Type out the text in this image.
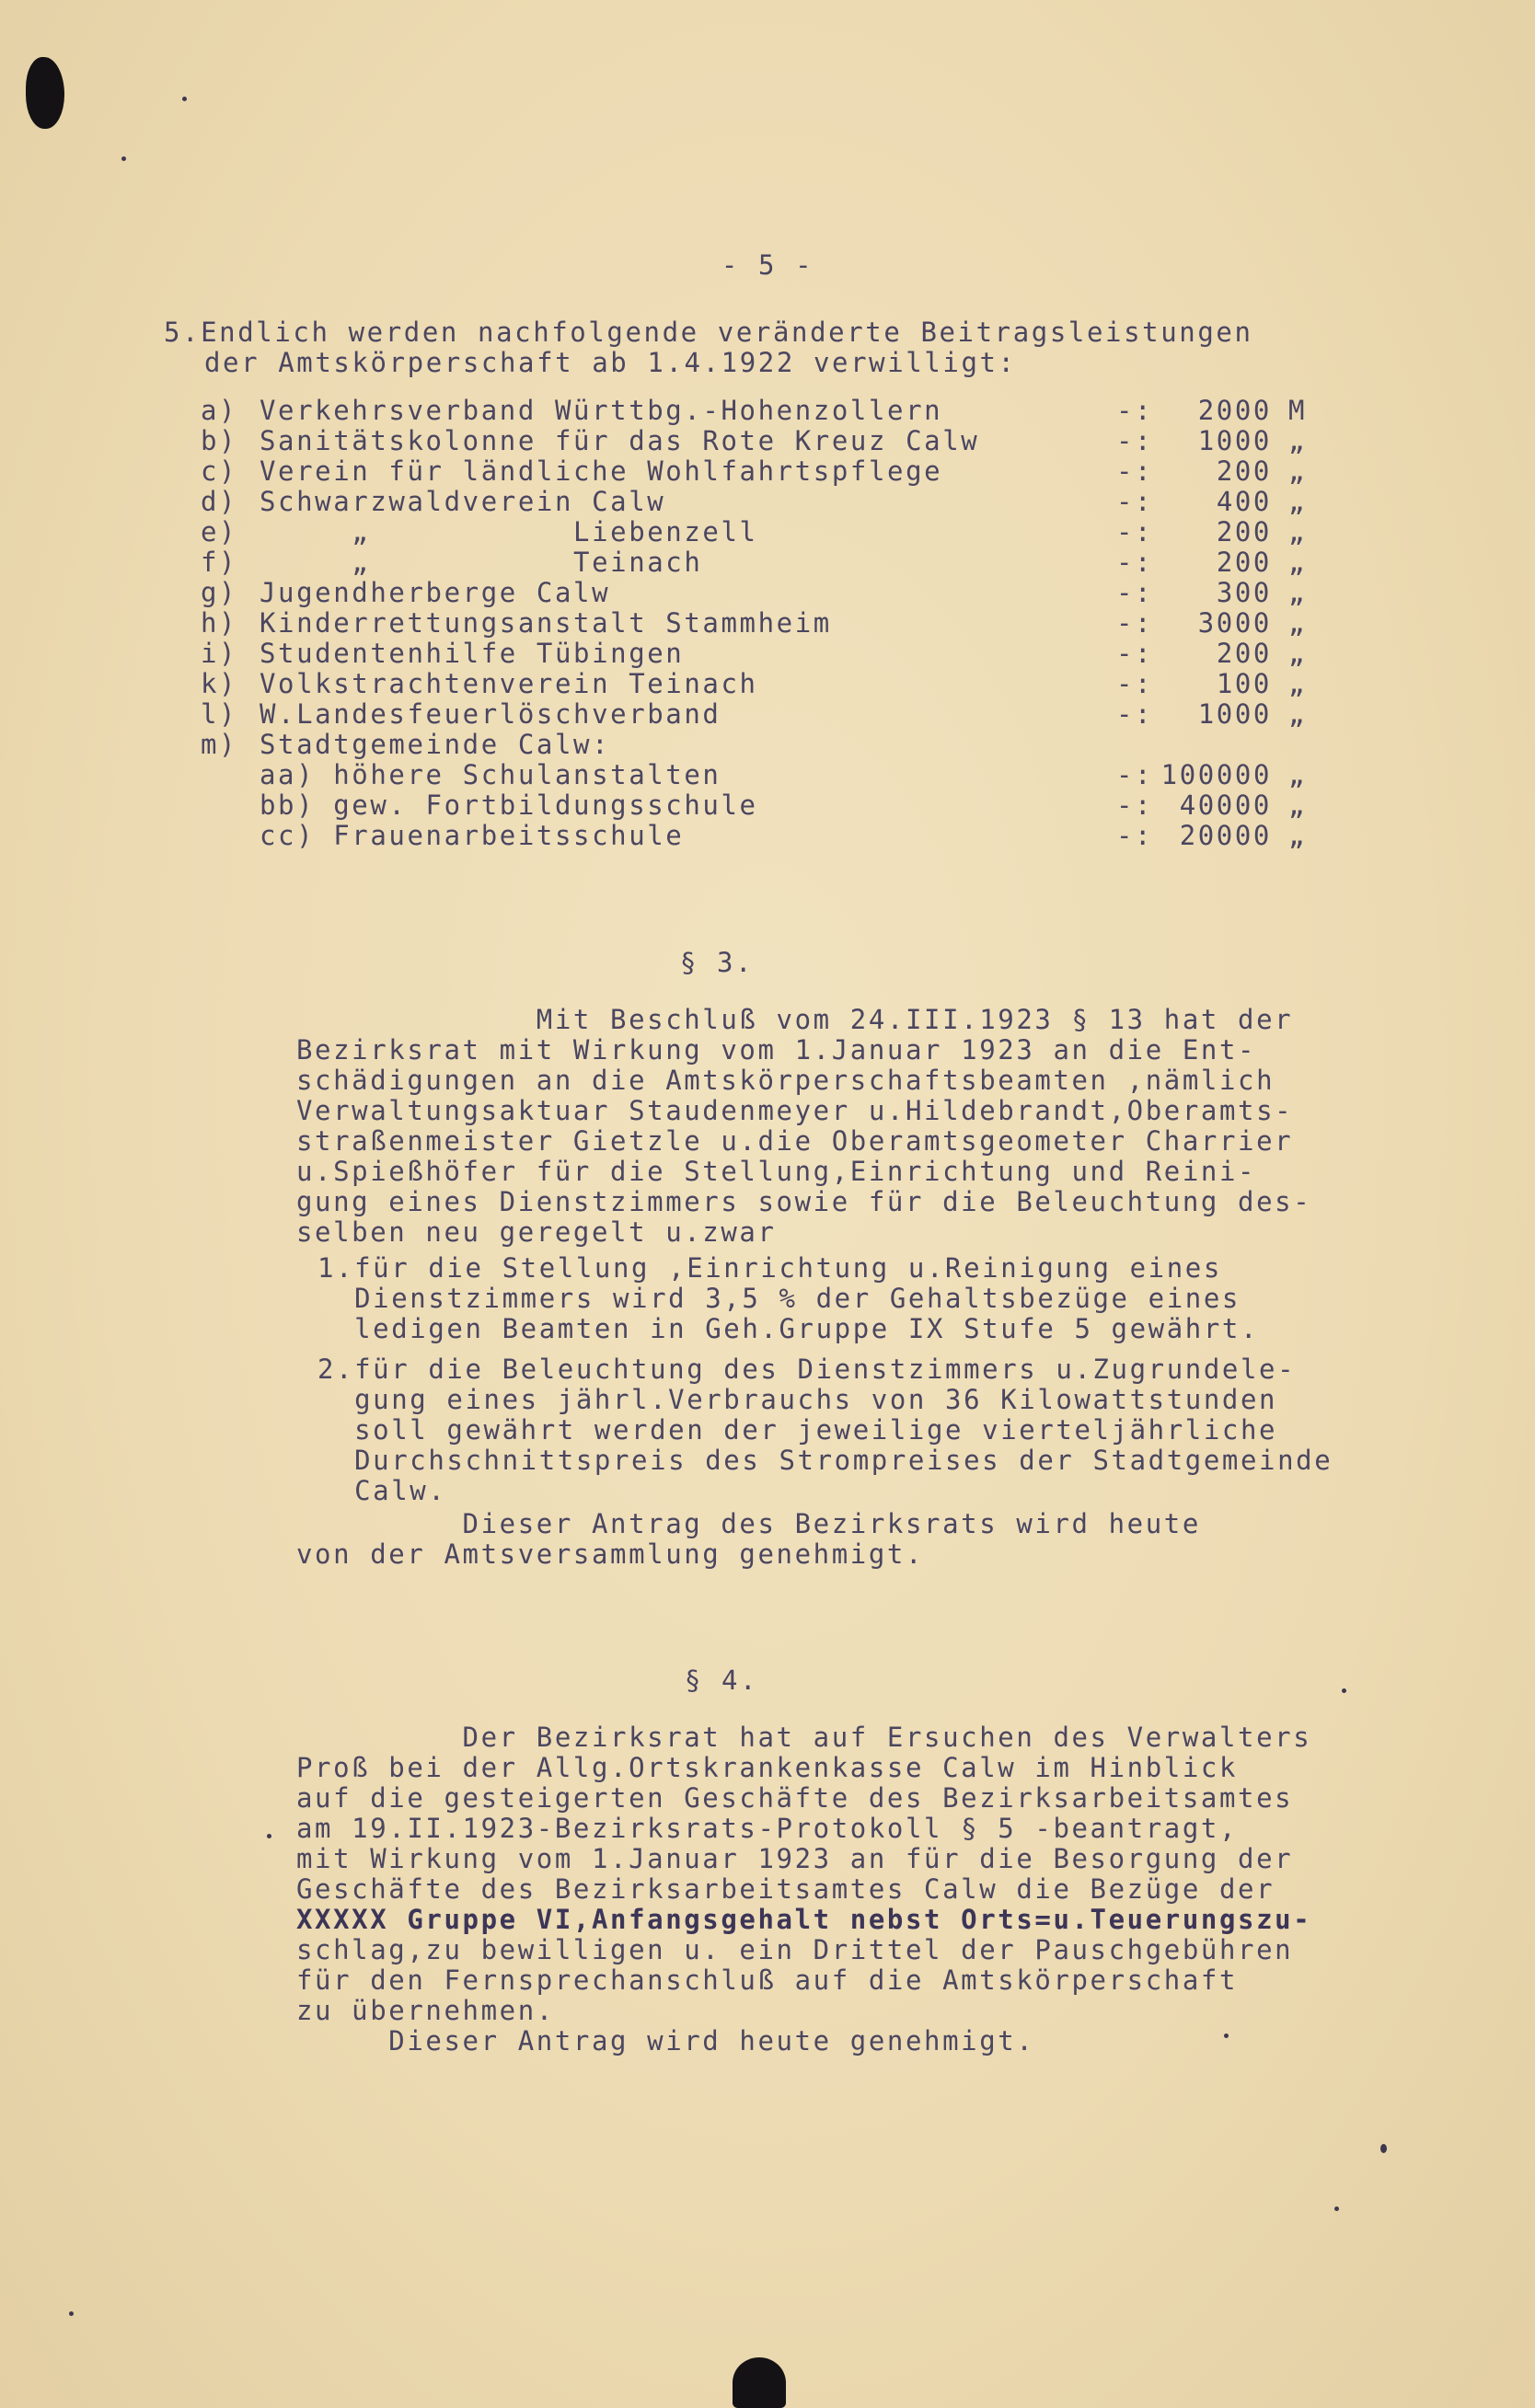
- 5 -
5.Endlich werden nachfolgende veränderte Beitragsleistungen
der Amtskörperschaft ab 1.4.1922 verwilligt:
a) Verkehrsverband Württbg.-Hohenzollern	-:	2000 M
b) Sanitätskolonne für das Rote Kreuz Calw	-:	1000 „
c) Verein für ländliche Wohlfahrtspflege	-:	200 „
d) Schwarzwaldverein Calw	-:	400 „
e) „           Liebenzell	-:	200 „
f) „           Teinach	-:	200 „
g) Jugendherberge Calw	-:	300 „
h) Kinderrettungsanstalt Stammheim	-:	3000 „
i) Studentenhilfe Tübingen	-:	200 „
k) Volkstrachtenverein Teinach	-:	100 „
l) W.Landesfeuerlöschverband	-:	1000 „
m) Stadtgemeinde Calw:
aa) höhere Schulanstalten	-: 100000 „
bb) gew. Fortbildungsschule	-: 40000 „
cc) Frauenarbeitsschule	-: 20000 „
§ 3.
Mit Beschluß vom 24.III.1923 § 13 hat der
Bezirksrat mit Wirkung vom 1.Januar 1923 an die Ent-
schädigungen an die Amtskörperschaftsbeamten ,nämlich
Verwaltungsaktuar Staudenmeyer u.Hildebrandt,Oberamts-
straßenmeister Gietzle u.die Oberamtsgeometer Charrier
u.Spießhöfer für die Stellung,Einrichtung und Reini-
gung eines Dienstzimmers sowie für die Beleuchtung des-
selben neu geregelt u.zwar
1.für die Stellung ,Einrichtung u.Reinigung eines
Dienstzimmers wird 3,5 % der Gehaltsbezüge eines
ledigen Beamten in Geh.Gruppe IX Stufe 5 gewährt.
2.für die Beleuchtung des Dienstzimmers u.Zugrundele-
gung eines jährl.Verbrauchs von 36 Kilowattstunden
soll gewährt werden der jeweilige vierteljährliche
Durchschnittspreis des Strompreises der Stadtgemeinde
Calw.
Dieser Antrag des Bezirksrats wird heute
von der Amtsversammlung genehmigt.
§ 4.
Der Bezirksrat hat auf Ersuchen des Verwalters
Proß bei der Allg.Ortskrankenkasse Calw im Hinblick
auf die gesteigerten Geschäfte des Bezirksarbeitsamtes
am 19.II.1923-Bezirksrats-Protokoll § 5 -beantragt,
mit Wirkung vom 1.Januar 1923 an für die Besorgung der
Geschäfte des Bezirksarbeitsamtes Calw die Bezüge der
XXXXX Gruppe VI,Anfangsgehalt nebst Orts=u.Teuerungszu-
schlag,zu bewilligen u. ein Drittel der Pauschgebühren
für den Fernsprechanschluß auf die Amtskörperschaft
zu übernehmen.
Dieser Antrag wird heute genehmigt.
